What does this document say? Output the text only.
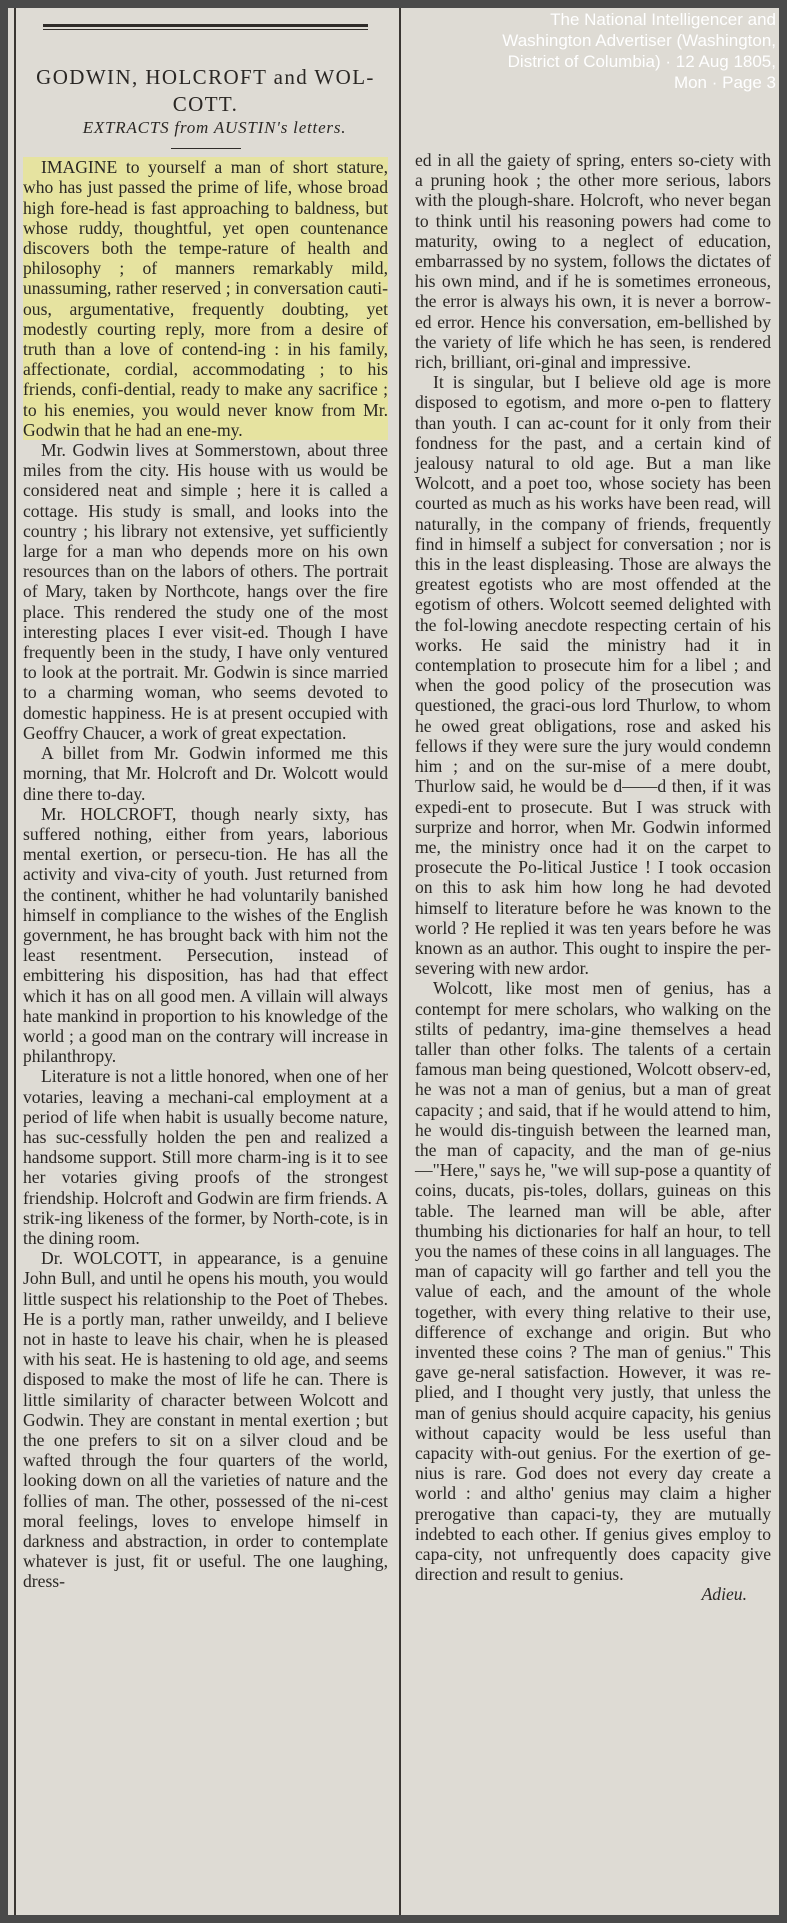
GODWIN, HOLCROFT and WOL-COTT.

EXTRACTS from AUSTIN's letters.

IMAGINE to yourself a man of short stature, who has just passed the prime of life, whose broad high fore-head is fast approaching to baldness, but whose ruddy, thoughtful, yet open countenance discovers both the tempe-rature of health and philosophy ; of manners remarkably mild, unassuming, rather reserved ; in conversation cauti-ous, argumentative, frequently doubting, yet modestly courting reply, more from a desire of truth than a love of contend-ing : in his family, affectionate, cordial, accommodating ; to his friends, confi-dential, ready to make any sacrifice ; to his enemies, you would never know from Mr. Godwin that he had an ene-my.

Mr. Godwin lives at Sommerstown, about three miles from the city. His house with us would be considered neat and simple ; here it is called a cottage. His study is small, and looks into the country ; his library not extensive, yet sufficiently large for a man who depends more on his own resources than on the labors of others. The portrait of Mary, taken by Northcote, hangs over the fire place. This rendered the study one of the most interesting places I ever visit-ed. Though I have frequently been in the study, I have only ventured to look at the portrait. Mr. Godwin is since married to a charming woman, who seems devoted to domestic happiness. He is at present occupied with Geoffry Chaucer, a work of great expectation.

A billet from Mr. Godwin informed me this morning, that Mr. Holcroft and Dr. Wolcott would dine there to-day.

Mr. HOLCROFT, though nearly sixty, has suffered nothing, either from years, laborious mental exertion, or persecu-tion. He has all the activity and viva-city of youth. Just returned from the continent, whither he had voluntarily banished himself in compliance to the wishes of the English government, he has brought back with him not the least resentment. Persecution, instead of embittering his disposition, has had that effect which it has on all good men. A villain will always hate mankind in proportion to his knowledge of the world ; a good man on the contrary will increase in philanthropy.

Literature is not a little honored, when one of her votaries, leaving a mechani-cal employment at a period of life when habit is usually become nature, has suc-cessfully holden the pen and realized a handsome support. Still more charm-ing is it to see her votaries giving proofs of the strongest friendship. Holcroft and Godwin are firm friends. A strik-ing likeness of the former, by North-cote, is in the dining room.

Dr. WOLCOTT, in appearance, is a genuine John Bull, and until he opens his mouth, you would little suspect his relationship to the Poet of Thebes. He is a portly man, rather unweildy, and I believe not in haste to leave his chair, when he is pleased with his seat. He is hastening to old age, and seems disposed to make the most of life he can. There is little similarity of character between Wolcott and Godwin. They are constant in mental exertion ; but the one prefers to sit on a silver cloud and be wafted through the four quarters of the world, looking down on all the varieties of nature and the follies of man. The other, possessed of the ni-cest moral feelings, loves to envelope himself in darkness and abstraction, in order to contemplate whatever is just, fit or useful. The one laughing, dress-

ed in all the gaiety of spring, enters so-ciety with a pruning hook ; the other more serious, labors with the plough-share. Holcroft, who never began to think until his reasoning powers had come to maturity, owing to a neglect of education, embarrassed by no system, follows the dictates of his own mind, and if he is sometimes erroneous, the error is always his own, it is never a borrow-ed error. Hence his conversation, em-bellished by the variety of life which he has seen, is rendered rich, brilliant, ori-ginal and impressive.

It is singular, but I believe old age is more disposed to egotism, and more o-pen to flattery than youth. I can ac-count for it only from their fondness for the past, and a certain kind of jealousy natural to old age. But a man like Wolcott, and a poet too, whose society has been courted as much as his works have been read, will naturally, in the company of friends, frequently find in himself a subject for conversation ; nor is this in the least displeasing. Those are always the greatest egotists who are most offended at the egotism of others. Wolcott seemed delighted with the fol-lowing anecdote respecting certain of his works. He said the ministry had it in contemplation to prosecute him for a libel ; and when the good policy of the prosecution was questioned, the graci-ous lord Thurlow, to whom he owed great obligations, rose and asked his fellows if they were sure the jury would condemn him ; and on the sur-mise of a mere doubt, Thurlow said, he would be d——d then, if it was expedi-ent to prosecute. But I was struck with surprize and horror, when Mr. Godwin informed me, the ministry once had it on the carpet to prosecute the Po-litical Justice ! I took occasion on this to ask him how long he had devoted himself to literature before he was known to the world ? He replied it was ten years before he was known as an author. This ought to inspire the per-severing with new ardor.

Wolcott, like most men of genius, has a contempt for mere scholars, who walking on the stilts of pedantry, ima-gine themselves a head taller than other folks. The talents of a certain famous man being questioned, Wolcott observ-ed, he was not a man of genius, but a man of great capacity ; and said, that if he would attend to him, he would dis-tinguish between the learned man, the man of capacity, and the man of ge-nius—"Here," says he, "we will sup-pose a quantity of coins, ducats, pis-toles, dollars, guineas on this table. The learned man will be able, after thumbing his dictionaries for half an hour, to tell you the names of these coins in all languages. The man of capacity will go farther and tell you the value of each, and the amount of the whole together, with every thing relative to their use, difference of exchange and origin. But who invented these coins ? The man of genius." This gave ge-neral satisfaction. However, it was re-plied, and I thought very justly, that unless the man of genius should acquire capacity, his genius without capacity would be less useful than capacity with-out genius. For the exertion of ge-nius is rare. God does not every day create a world : and altho' genius may claim a higher prerogative than capaci-ty, they are mutually indebted to each other. If genius gives employ to capa-city, not unfrequently does capacity give direction and result to genius.

Adieu.

The National Intelligencer and Washington Advertiser (Washington, District of Columbia) · 12 Aug 1805, Mon · Page 3
